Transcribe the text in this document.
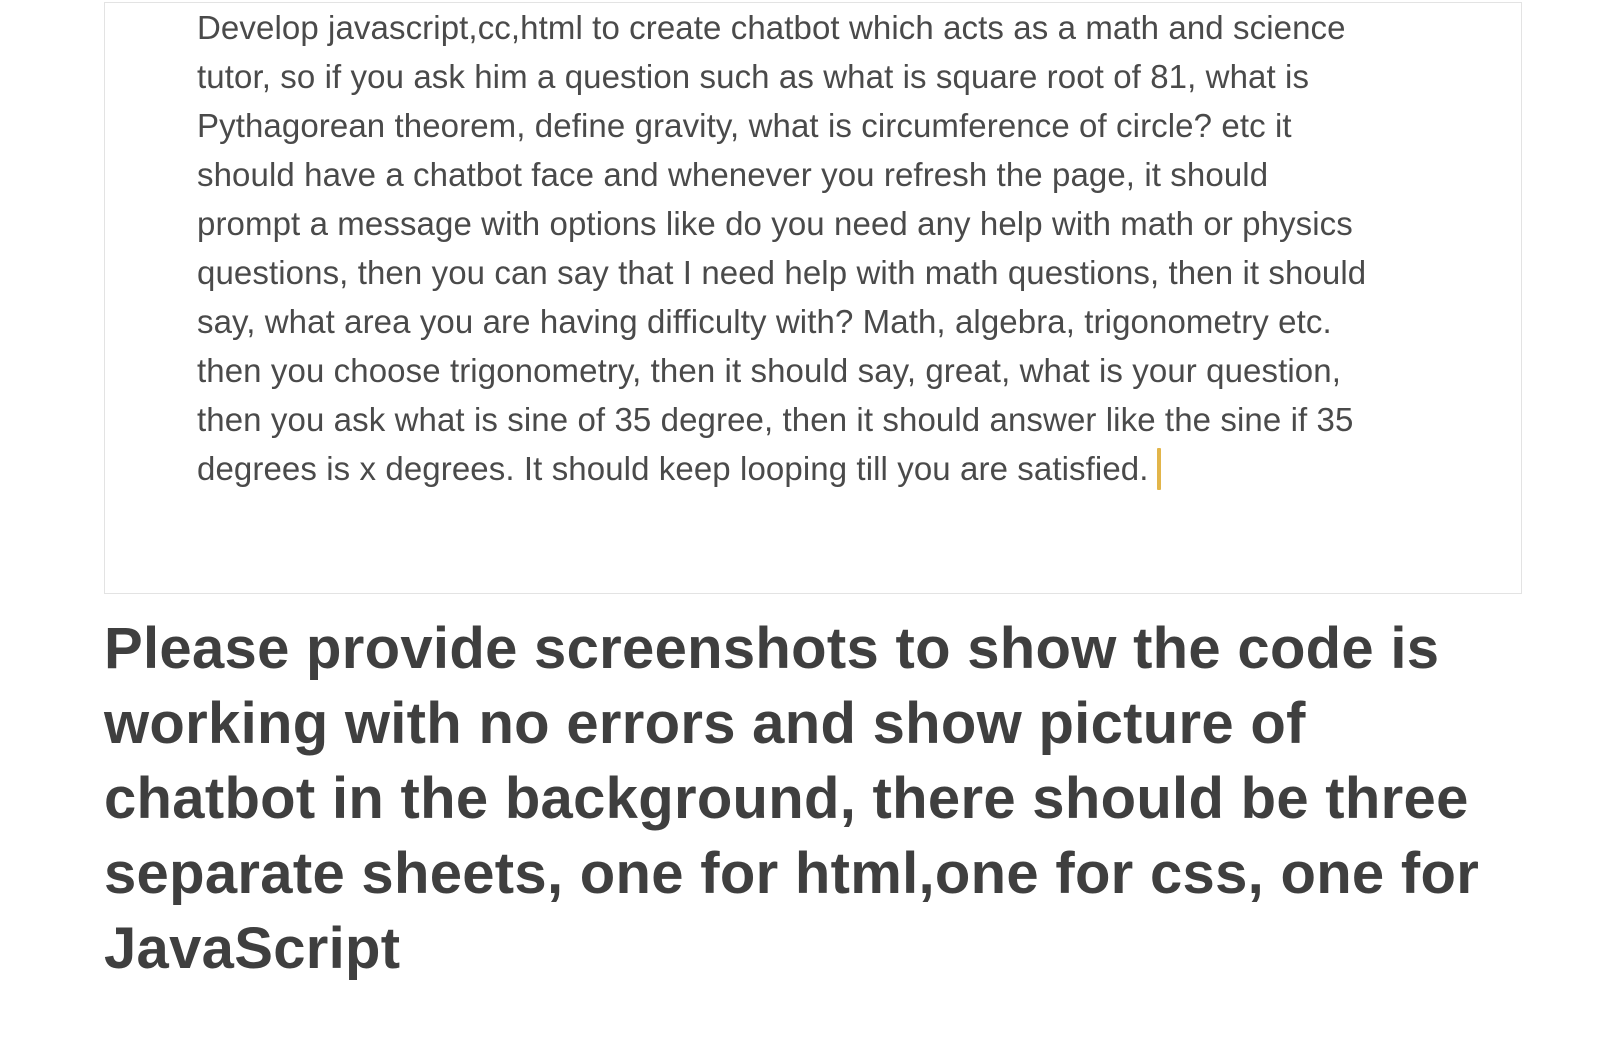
Develop javascript,cc,html to create chatbot which acts as a math and science
tutor, so if you ask him a question such as what is square root of 81, what is
Pythagorean theorem, define gravity, what is circumference of circle? etc it
should have a chatbot face and whenever you refresh the page, it should
prompt a message with options like do you need any help with math or physics
questions, then you can say that I need help with math questions, then it should
say, what area you are having difficulty with? Math, algebra, trigonometry etc.
then you choose trigonometry, then it should say, great, what is your question,
then you ask what is sine of 35 degree, then it should answer like the sine if 35
degrees is x degrees. It should keep looping till you are satisfied.
Please provide screenshots to show the code is
working with no errors and show picture of
chatbot in the background, there should be three
separate sheets, one for html,one for css, one for
JavaScript
